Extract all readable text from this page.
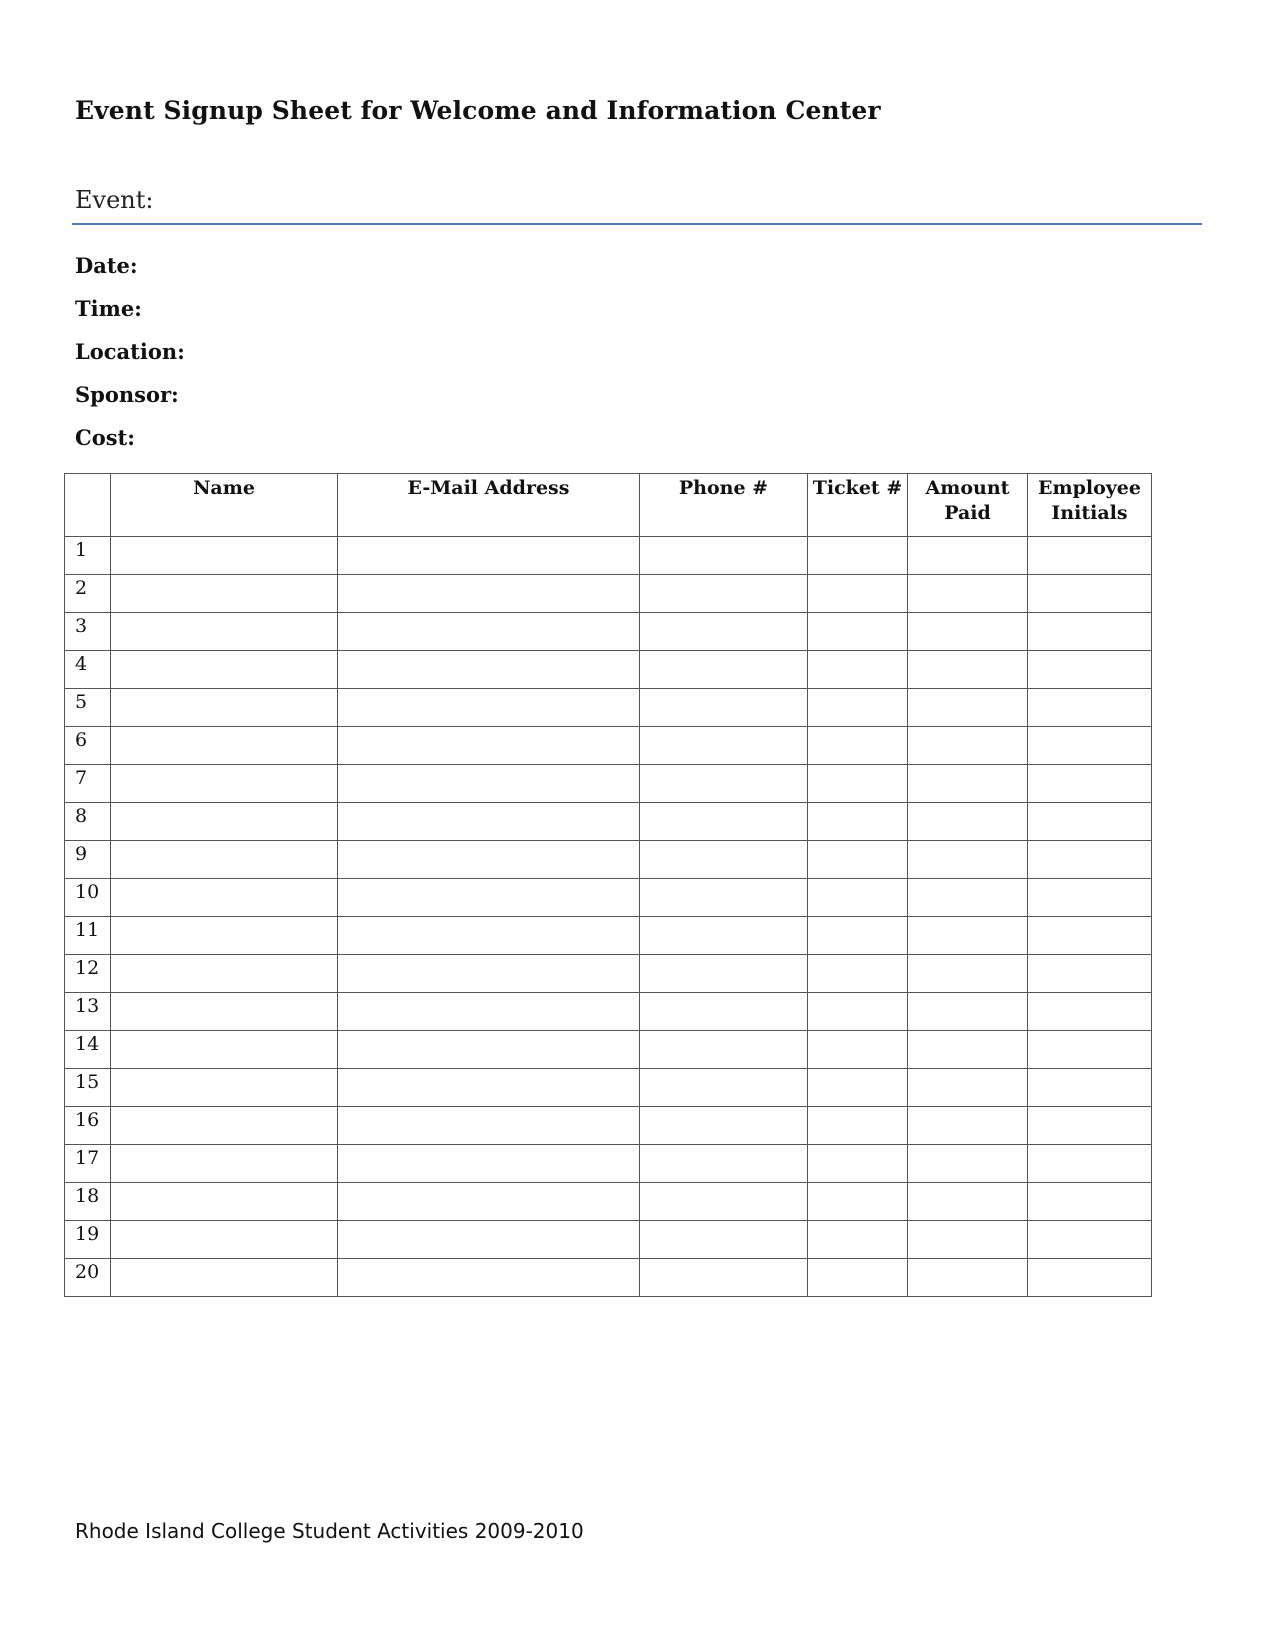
Event Signup Sheet for Welcome and Information Center
Event:
Date:
Time:
Location:
Sponsor:
Cost:
	Name	E-Mail Address	Phone #	Ticket #	Amount Paid	Employee Initials
1						
2						
3						
4						
5						
6						
7						
8						
9						
10						
11						
12						
13						
14						
15						
16						
17						
18						
19						
20						
Rhode Island College Student Activities 2009-2010
